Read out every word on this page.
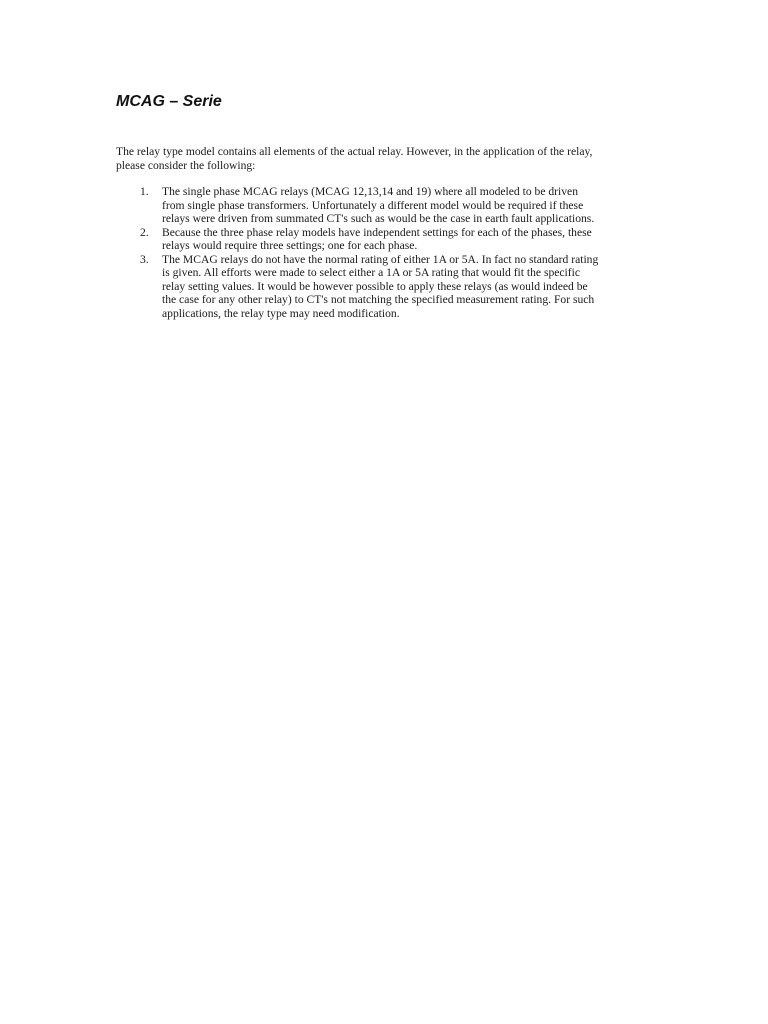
MCAG – Serie

The relay type model contains all elements of the actual relay. However, in the application of the relay,
please consider the following:

1. The single phase MCAG relays (MCAG 12,13,14 and 19) where all modeled to be driven
from single phase transformers. Unfortunately a different model would be required if these
relays were driven from summated CT's such as would be the case in earth fault applications.
2. Because the three phase relay models have independent settings for each of the phases, these
relays would require three settings; one for each phase.
3. The MCAG relays do not have the normal rating of either 1A or 5A. In fact no standard rating
is given. All efforts were made to select either a 1A or 5A rating that would fit the specific
relay setting values. It would be however possible to apply these relays (as would indeed be
the case for any other relay) to CT's not matching the specified measurement rating. For such
applications, the relay type may need modification.
